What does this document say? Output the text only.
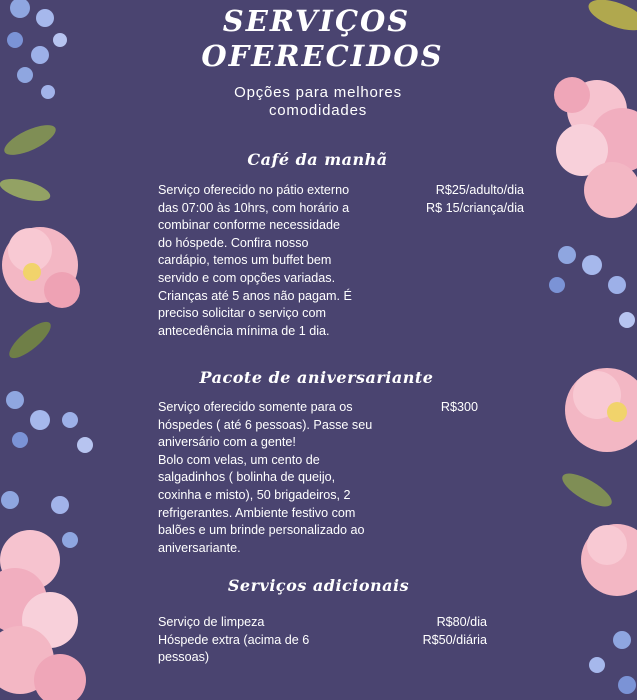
SERVIÇOS
OFERECIDOS
Opções para melhores
comodidades
Café da manhã
Serviço oferecido no pátio externo
das 07:00 às 10hrs, com horário a
combinar conforme necessidade
do hóspede. Confira nosso
cardápio, temos um buffet bem
servido e com opções variadas.
Crianças até 5 anos não pagam. É
preciso solicitar o serviço com
antecedência mínima de 1 dia.
R$25/adulto/dia
R$ 15/criança/dia
Pacote de aniversariante
Serviço oferecido somente para os
hóspedes ( até 6 pessoas). Passe seu
aniversário com a gente!
Bolo com velas, um cento de
salgadinhos ( bolinha de queijo,
coxinha e misto), 50 brigadeiros, 2
refrigerantes. Ambiente festivo com
balões e um brinde personalizado ao
aniversariante.
R$300
Serviços adicionais
Serviço de limpeza
Hóspede extra (acima de 6
pessoas)
R$80/dia
R$50/diária
